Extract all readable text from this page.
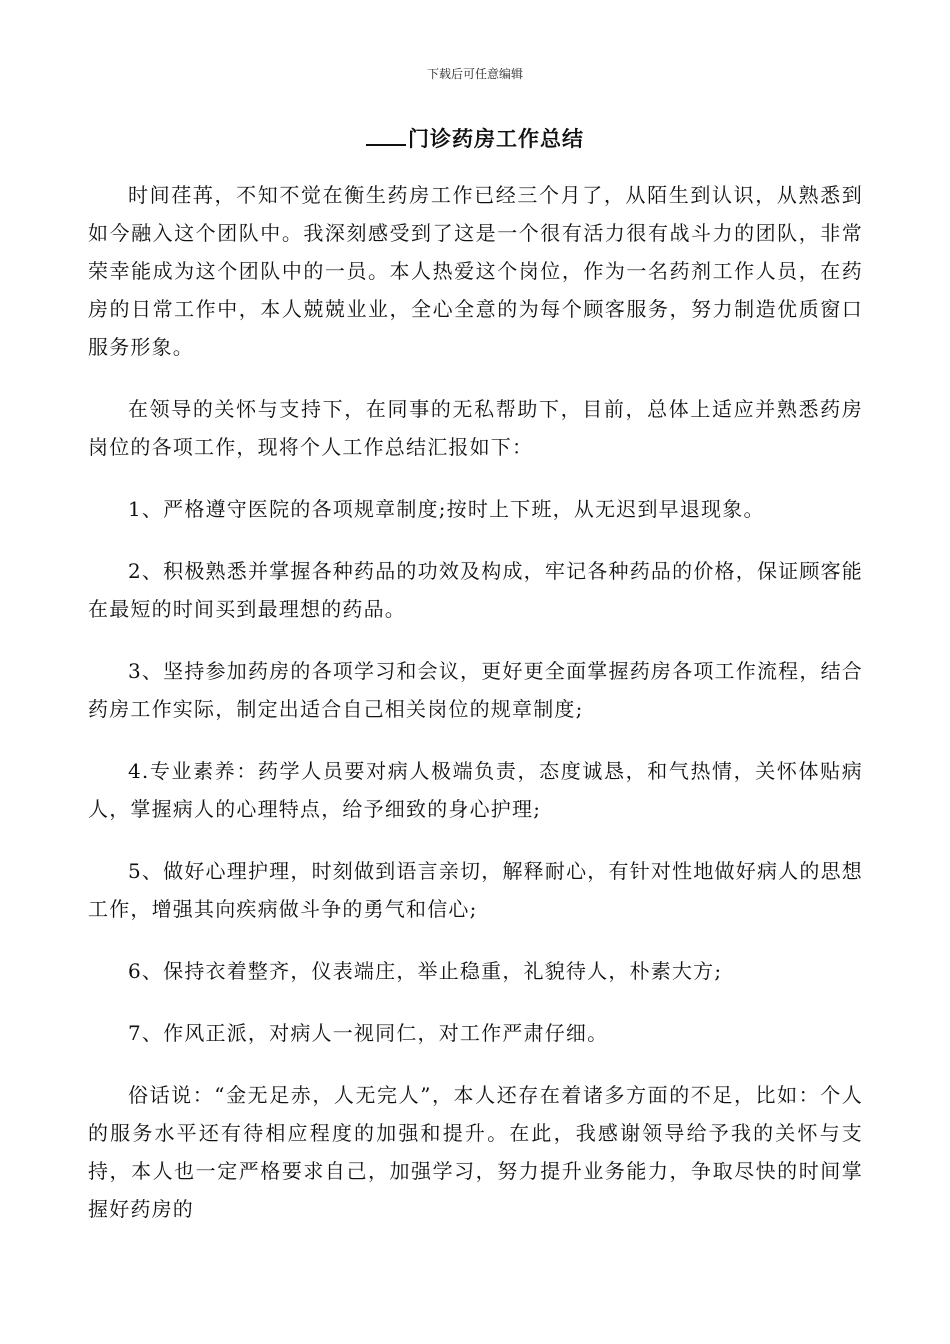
下载后可任意编辑
门诊药房工作总结

时间荏苒，不知不觉在衡生药房工作已经三个月了，从陌生到认识，从熟悉到如今融入这个团队中。我深刻感受到了这是一个很有活力很有战斗力的团队，非常荣幸能成为这个团队中的一员。本人热爱这个岗位，作为一名药剂工作人员，在药房的日常工作中，本人兢兢业业，全心全意的为每个顾客服务，努力制造优质窗口服务形象。

在领导的关怀与支持下，在同事的无私帮助下，目前，总体上适应并熟悉药房岗位的各项工作，现将个人工作总结汇报如下：

1、严格遵守医院的各项规章制度;按时上下班，从无迟到早退现象。

2、积极熟悉并掌握各种药品的功效及构成，牢记各种药品的价格，保证顾客能在最短的时间买到最理想的药品。

3、坚持参加药房的各项学习和会议，更好更全面掌握药房各项工作流程，结合药房工作实际，制定出适合自己相关岗位的规章制度;

4.专业素养：药学人员要对病人极端负责，态度诚恳，和气热情，关怀体贴病人，掌握病人的心理特点，给予细致的身心护理;

5、做好心理护理，时刻做到语言亲切，解释耐心，有针对性地做好病人的思想工作，增强其向疾病做斗争的勇气和信心;

6、保持衣着整齐，仪表端庄，举止稳重，礼貌待人，朴素大方;

7、作风正派，对病人一视同仁，对工作严肃仔细。

俗话说：“金无足赤，人无完人”，本人还存在着诸多方面的不足，比如：个人的服务水平还有待相应程度的加强和提升。在此，我感谢领导给予我的关怀与支持，本人也一定严格要求自己，加强学习，努力提升业务能力，争取尽快的时间掌握好药房的
